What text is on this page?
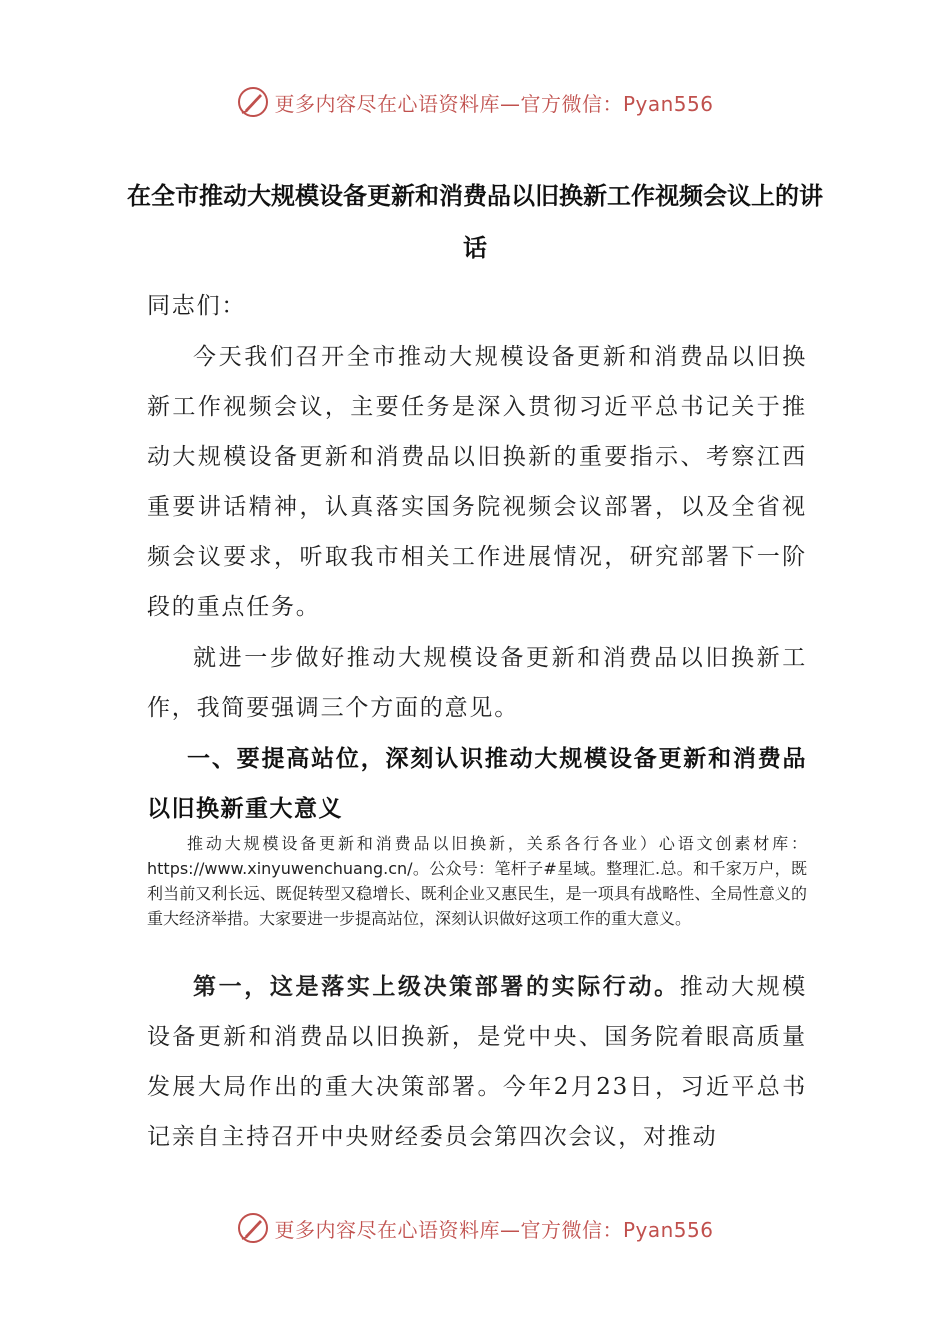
更多内容尽在心语资料库—官方微信：Pyan556
在全市推动大规模设备更新和消费品以旧换新工作视频会议上的讲话
同志们：
今天我们召开全市推动大规模设备更新和消费品以旧换新工作视频会议，主要任务是深入贯彻习近平总书记关于推动大规模设备更新和消费品以旧换新的重要指示、考察江西重要讲话精神，认真落实国务院视频会议部署，以及全省视频会议要求，听取我市相关工作进展情况，研究部署下一阶段的重点任务。
就进一步做好推动大规模设备更新和消费品以旧换新工作，我简要强调三个方面的意见。
一、要提高站位，深刻认识推动大规模设备更新和消费品以旧换新重大意义
推动大规模设备更新和消费品以旧换新，关系各行各业）心语文创素材库：https://www.xinyuwenchuang.cn/。公众号：笔杆子#星域。整理汇.总。和千家万户，既利当前又利长远、既促转型又稳增长、既利企业又惠民生，是一项具有战略性、全局性意义的重大经济举措。大家要进一步提高站位，深刻认识做好这项工作的重大意义。
第一，这是落实上级决策部署的实际行动。推动大规模设备更新和消费品以旧换新，是党中央、国务院着眼高质量发展大局作出的重大决策部署。今年2月23日，习近平总书记亲自主持召开中央财经委员会第四次会议，对推动
更多内容尽在心语资料库—官方微信：Pyan556
